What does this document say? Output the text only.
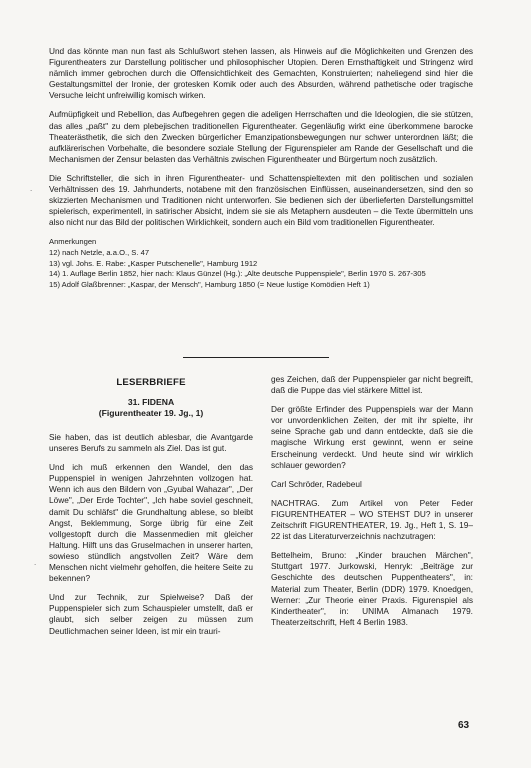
Und das könnte man nun fast als Schlußwort stehen lassen, als Hinweis auf die Möglichkeiten und Grenzen des Figurentheaters zur Darstellung politischer und philosophischer Utopien. Deren Ernsthaftigkeit und Stringenz wird nämlich immer gebrochen durch die Offensichtlichkeit des Gemachten, Konstruierten; naheliegend sind hier die Gestaltungsmittel der Ironie, der grotesken Komik oder auch des Absurden, während pathetische oder tragische Versuche leicht unfreiwillig komisch wirken.

Aufmüpfigkeit und Rebellion, das Aufbegehren gegen die adeligen Herrschaften und die Ideologien, die sie stützen, das alles „paßt" zu dem plebejischen traditionellen Figurentheater. Gegenläufig wirkt eine überkommene barocke Theaterästhetik, die sich den Zwecken bürgerlicher Emanzipationsbewegungen nur schwer unterordnen läßt; die aufklärerischen Vorbehalte, die besondere soziale Stellung der Figurenspieler am Rande der Gesellschaft und die Mechanismen der Zensur belasten das Verhältnis zwischen Figurentheater und Bürgertum noch zusätzlich.

Die Schriftsteller, die sich in ihren Figurentheater- und Schattenspieltexten mit den politischen und sozialen Verhältnissen des 19. Jahrhunderts, notabene mit den französischen Einflüssen, auseinandersetzen, sind den so skizzierten Mechanismen und Traditionen nicht unterworfen. Sie bedienen sich der überlieferten Darstellungsmittel spielerisch, experimentell, in satirischer Absicht, indem sie sie als Metaphern ausdeuten – die Texte übermitteln uns also nicht nur das Bild der politischen Wirklichkeit, sondern auch ein Bild vom traditionellen Figurentheater.

Anmerkungen

12) nach Netzle, a.a.O., S. 47

13) vgl. Johs. E. Rabe: „Kasper Putschenelle", Hamburg 1912

14) 1. Auflage Berlin 1852, hier nach: Klaus Günzel (Hg.): „Alte deutsche Puppenspiele", Berlin 1970 S. 267-305

15) Adolf Glaßbrenner: „Kaspar, der Mensch", Hamburg 1850 (= Neue lustige Komödien Heft 1)

LESERBRIEFE

31. FIDENA

(Figurentheater 19. Jg., 1)

Sie haben, das ist deutlich ablesbar, die Avantgarde unseres Berufs zu sammeln als Ziel. Das ist gut.

Und ich muß erkennen den Wandel, den das Puppenspiel in wenigen Jahrzehnten vollzogen hat. Wenn ich aus den Bildern von „Gyubal Wahazar", „Der Löwe", „Der Erde Tochter", „Ich habe soviel geschneit, damit Du schläfst" die Grundhaltung ablese, so bleibt Angst, Beklemmung, Sorge übrig für eine Zeit vollgestopft durch die Massenmedien mit gleicher Haltung. Hilft uns das Gruselmachen in unserer harten, sowieso stündlich angstvollen Zeit? Wäre dem Menschen nicht vielmehr geholfen, die heitere Seite zu bekennen?

Und zur Technik, zur Spielweise? Daß der Puppenspieler sich zum Schauspieler umstellt, daß er glaubt, sich selber zeigen zu müssen zum Deutlichmachen seiner Ideen, ist mir ein trauri-

ges Zeichen, daß der Puppenspieler gar nicht begreift, daß die Puppe das viel stärkere Mittel ist.

Der größte Erfinder des Puppenspiels war der Mann vor unvordenklichen Zeiten, der mit ihr spielte, ihr seine Sprache gab und dann entdeckte, daß sie die magische Wirkung erst gewinnt, wenn er seine Erscheinung verdeckt. Und heute sind wir wirklich schlauer geworden?

Carl Schröder, Radebeul

NACHTRAG. Zum Artikel von Peter Feder FIGURENTHEATER – WO STEHST DU? in unserer Zeitschrift FIGURENTHEATER, 19. Jg., Heft 1, S. 19–22 ist das Literaturverzeichnis nachzutragen:

Bettelheim, Bruno: „Kinder brauchen Märchen", Stuttgart 1977. Jurkowski, Henryk: „Beiträge zur Geschichte des deutschen Puppentheaters", in: Material zum Theater, Berlin (DDR) 1979. Knoedgen, Werner: „Zur Theorie einer Praxis. Figurenspiel als Kindertheater", in: UNIMA Almanach 1979. Theaterzeitschrift, Heft 4 Berlin 1983.

63
.
.
